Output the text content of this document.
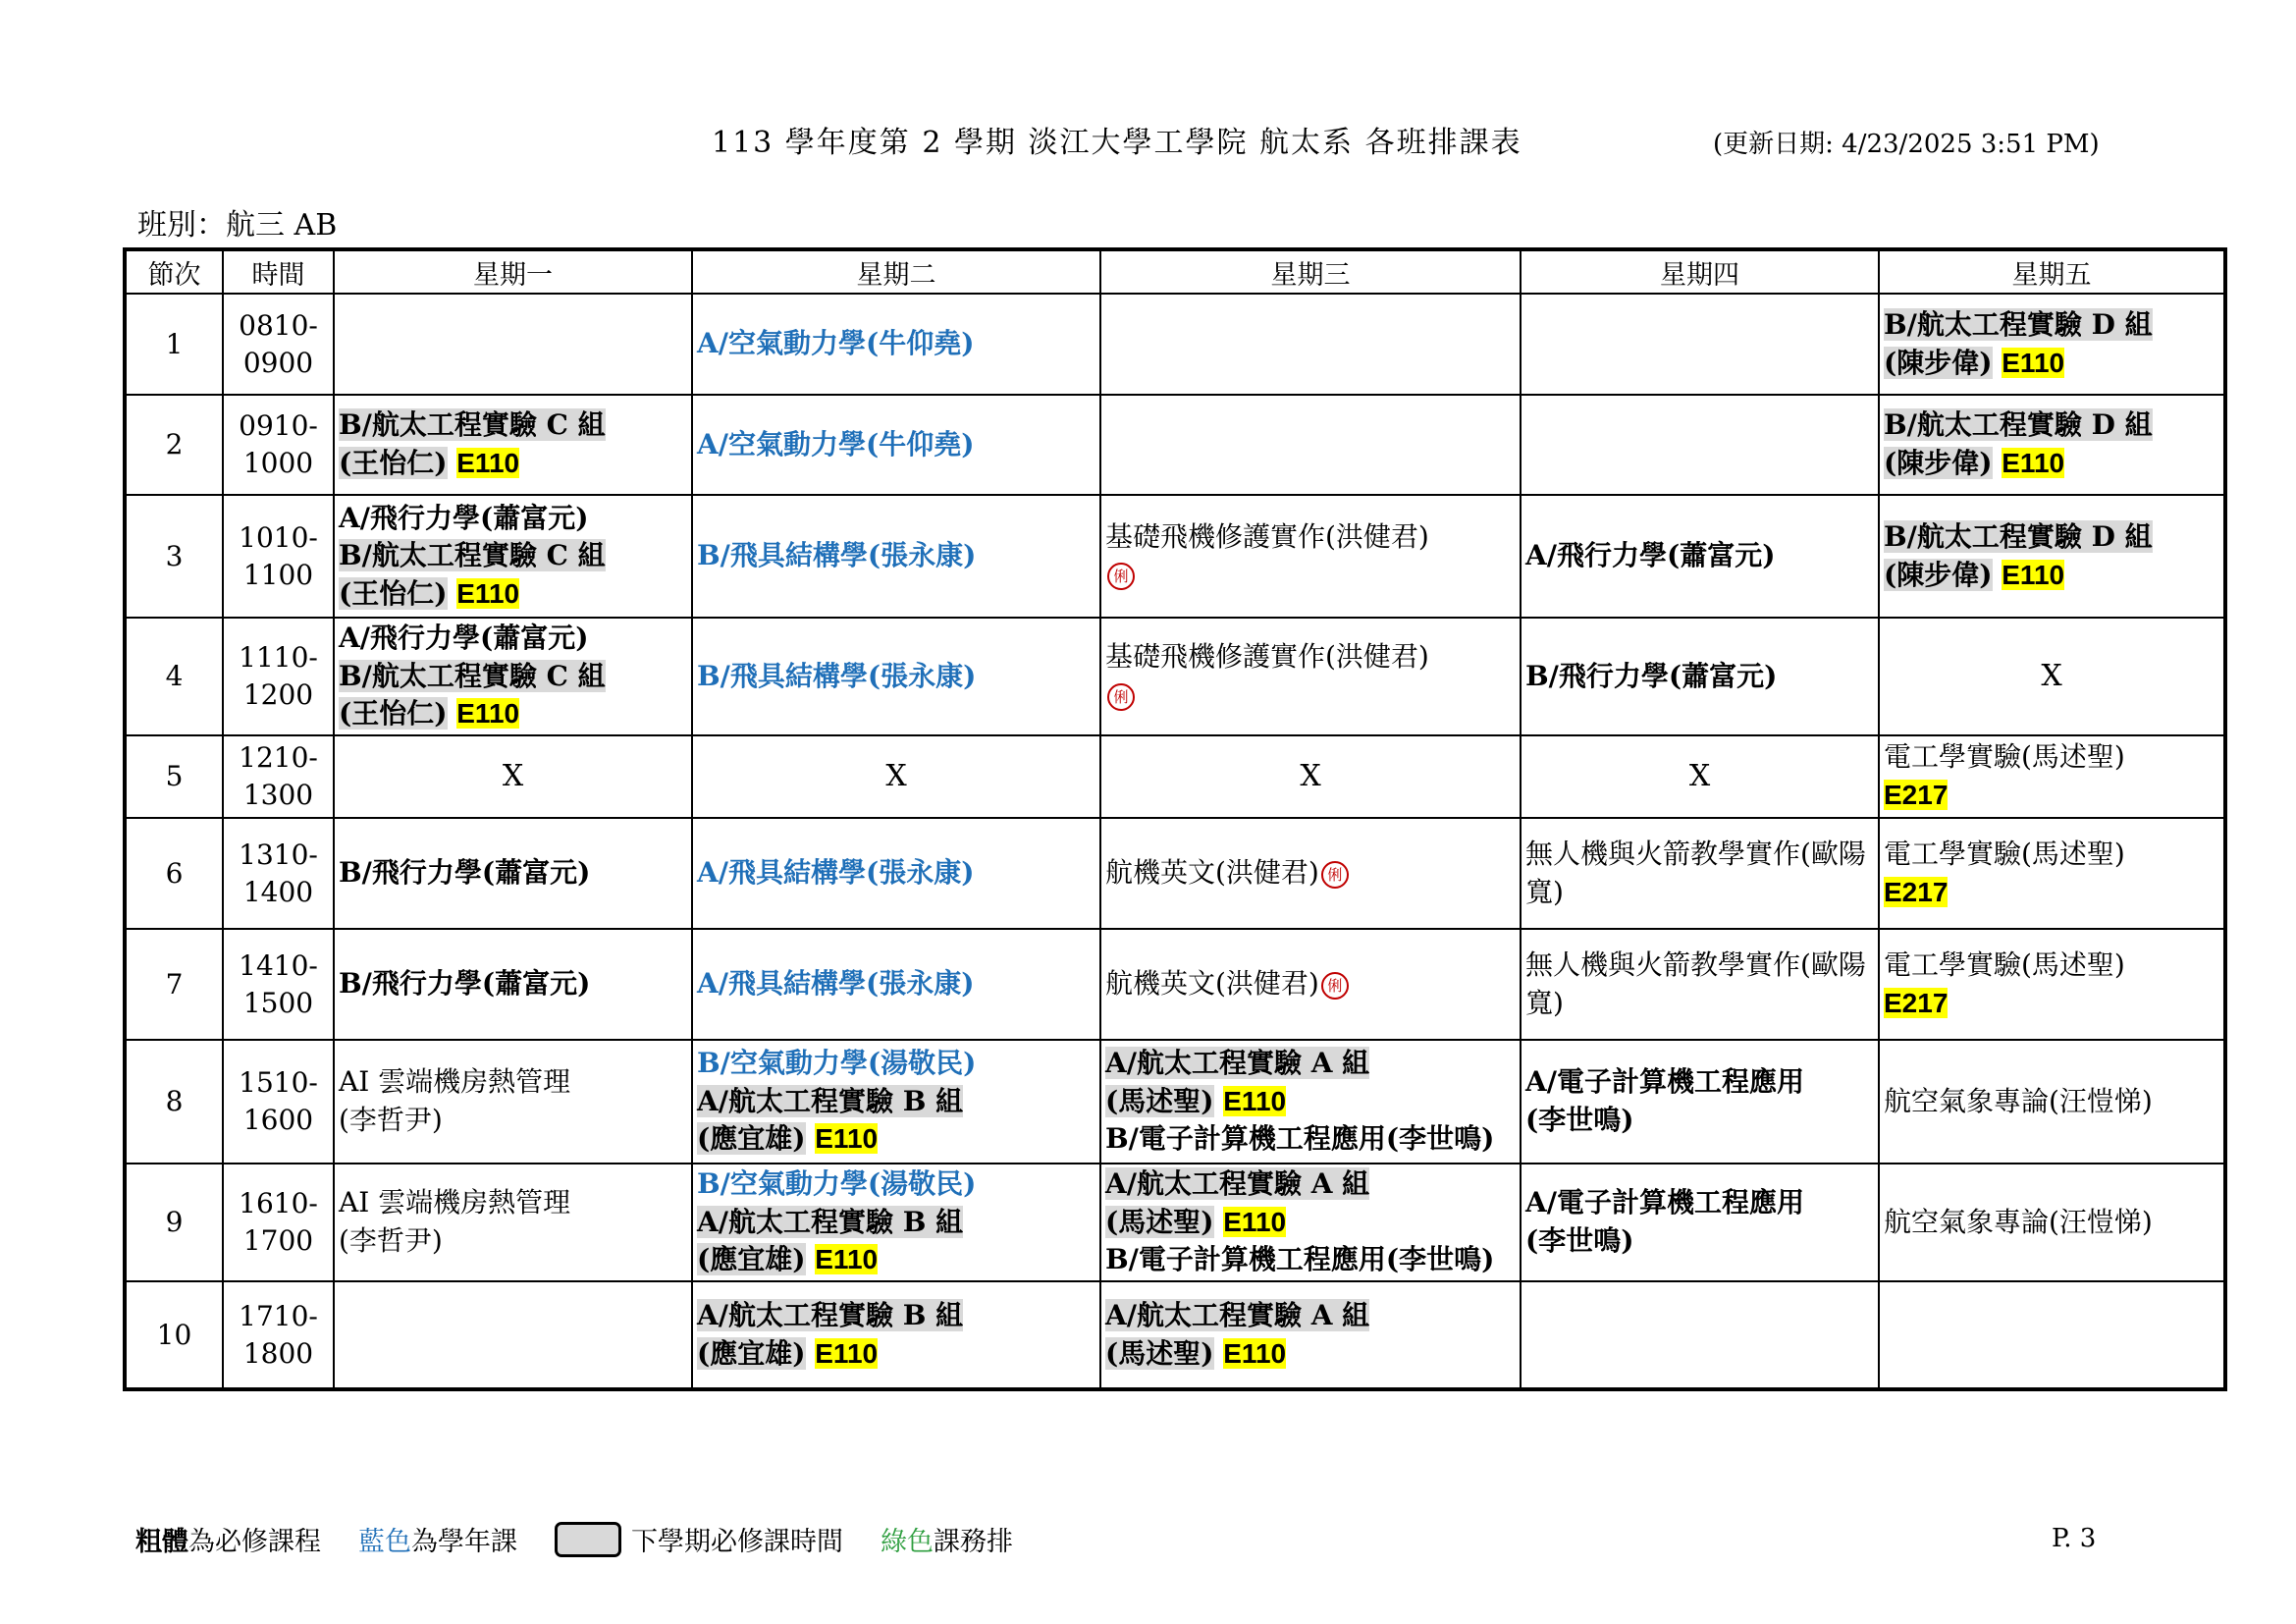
113 學年度第 2 學期 淡江大學工學院 航太系 各班排課表	(更新日期: 4/23/2025 3:51 PM)
班別：航三 AB
節次	時間	星期一	星期二	星期三	星期四	星期五
1	0810-
0900		A/空氣動力學(牛仰堯)			B/航太工程實驗 D 組
(陳步偉) E110

2	0910-
1000	B/航太工程實驗 C 組
(王怡仁) E110	A/空氣動力學(牛仰堯)			B/航太工程實驗 D 組
(陳步偉) E110

3	1010-
1100	A/飛行力學(蕭富元)
B/航太工程實驗 C 組
(王怡仁) E110	B/飛具結構學(張永康)	基礎飛機修護實作(洪健君)
俐	A/飛行力學(蕭富元)	B/航太工程實驗 D 組
(陳步偉) E110

4	1110-
1200	A/飛行力學(蕭富元)
B/航太工程實驗 C 組
(王怡仁) E110	B/飛具結構學(張永康)	基礎飛機修護實作(洪健君)
俐	B/飛行力學(蕭富元)	X
5	1210-
1300	X	X	X	X	電工學實驗(馬述聖)
E217

6	1310-
1400	B/飛行力學(蕭富元)	A/飛具結構學(張永康)	航機英文(洪健君) 俐	無人機與火箭教學實作(歐陽寬)	電工學實驗(馬述聖)
E217

7	1410-
1500	B/飛行力學(蕭富元)	A/飛具結構學(張永康)	航機英文(洪健君) 俐	無人機與火箭教學實作(歐陽寬)	電工學實驗(馬述聖)
E217

8	1510-
1600	AI 雲端機房熱管理
(李哲尹)	B/空氣動力學(湯敬民)
A/航太工程實驗 B 組
(應宜雄) E110	A/航太工程實驗 A 組
(馬述聖) E110
B/電子計算機工程應用(李世鳴)	A/電子計算機工程應用
(李世鳴)	航空氣象專論(汪愷悌)

9	1610-
1700	AI 雲端機房熱管理
(李哲尹)	B/空氣動力學(湯敬民)
A/航太工程實驗 B 組
(應宜雄) E110	A/航太工程實驗 A 組
(馬述聖) E110
B/電子計算機工程應用(李世鳴)	A/電子計算機工程應用
(李世鳴)	航空氣象專論(汪愷悌)

10	1710-
1800		A/航太工程實驗 B 組
(應宜雄) E110	A/航太工程實驗 A 組
(馬述聖) E110		

粗體 為必修課程 藍色 為學年課	下學期必修課時間 綠色 課務排	P. 3
